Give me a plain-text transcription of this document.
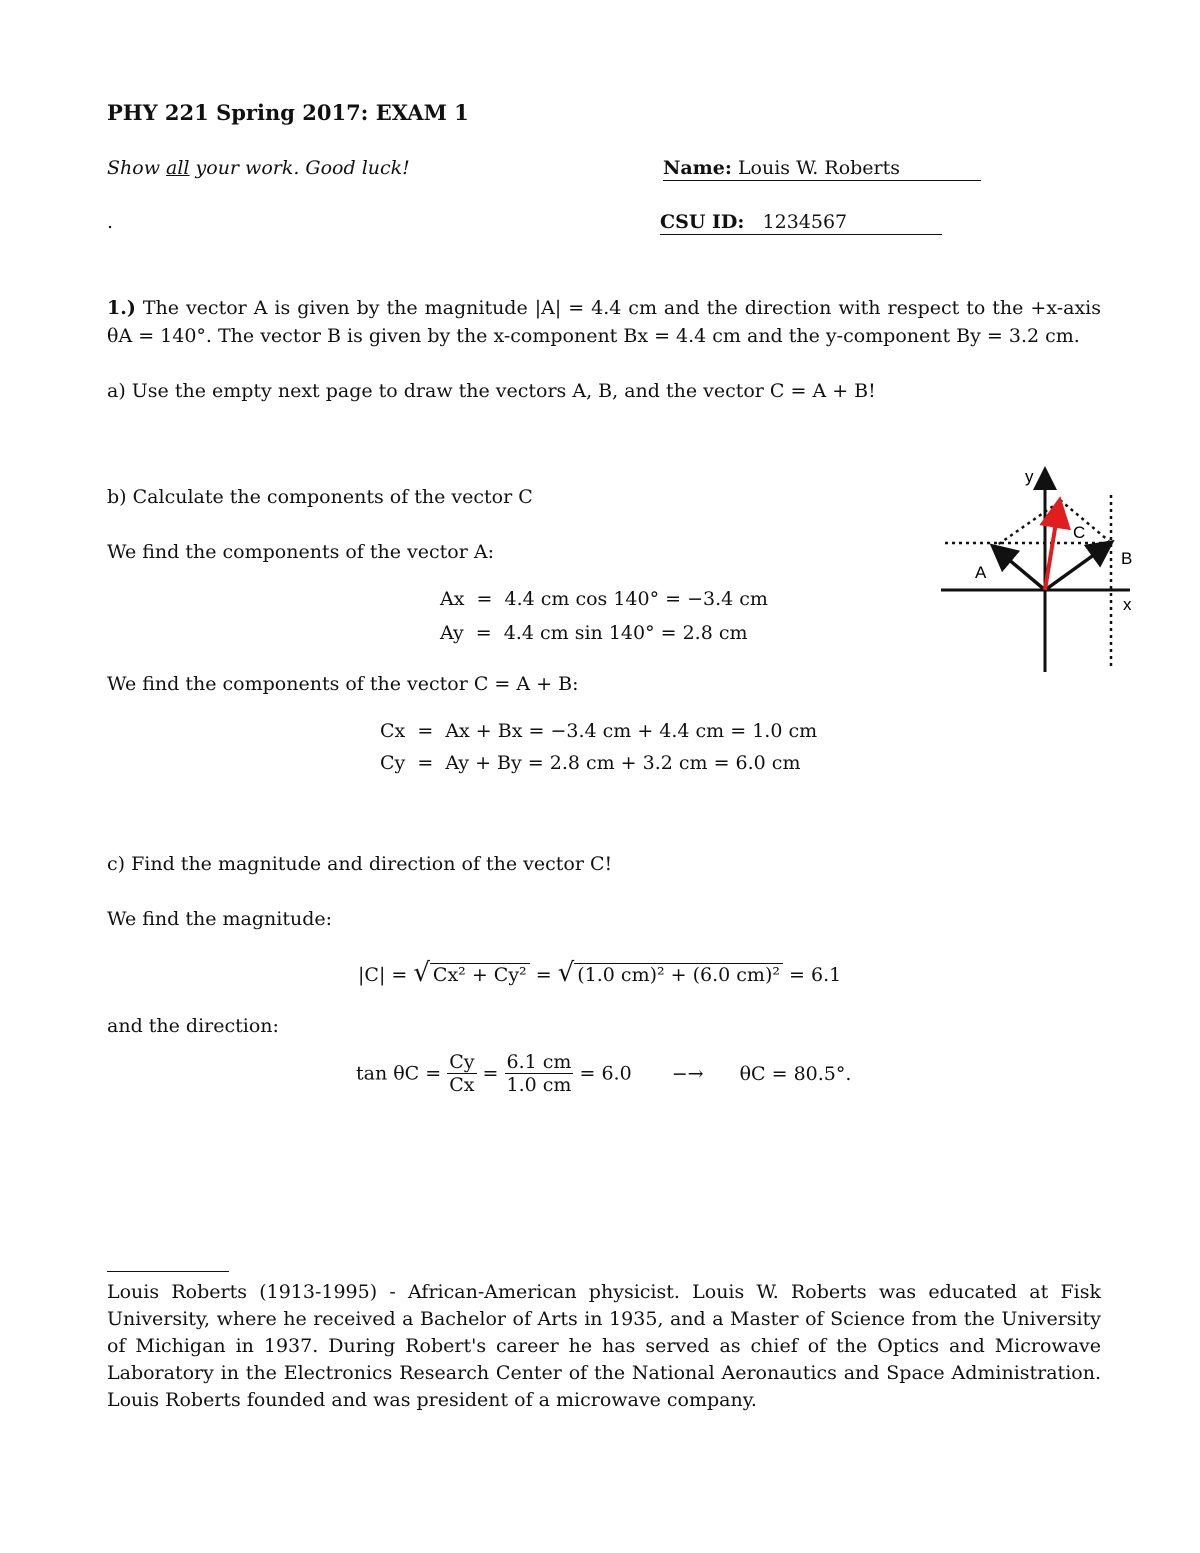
PHY 221 Spring 2017: EXAM 1
Show all your work. Good luck!	Name: Louis W. Roberts
.	CSU ID: 1234567
1.) The vector A is given by the magnitude |A| = 4.4 cm and the direction with respect to the +x-axis θA = 140°. The vector B is given by the x-component Bx = 4.4 cm and the y-component By = 3.2 cm.
a) Use the empty next page to draw the vectors A, B, and the vector C = A + B!
b) Calculate the components of the vector C
We find the components of the vector A:
Ax  =  4.4 cm cos 140° = −3.4 cm
Ay  =  4.4 cm sin 140° = 2.8 cm
We find the components of the vector C = A + B:
Cx  =  Ax + Bx = −3.4 cm + 4.4 cm = 1.0 cm
Cy  =  Ay + By = 2.8 cm + 3.2 cm = 6.0 cm
c) Find the magnitude and direction of the vector C!
We find the magnitude:
|C| = √ Cx² + Cy² = √ (1.0 cm)² + (6.0 cm)² = 6.1
and the direction:
$\tan \theta C = \frac{Cy}{Cx} = \frac{6.1 cm}{1.0 cm} = 6.0 -\to \theta C = 80.5^\circ$.
y
x
A
B
C
Louis Roberts (1913-1995) - African-American physicist. Louis W. Roberts was educated at Fisk University, where he received a Bachelor of Arts in 1935, and a Master of Science from the University of Michigan in 1937. During Robert's career he has served as chief of the Optics and Microwave Laboratory in the Electronics Research Center of the National Aeronautics and Space Administration. Louis Roberts founded and was president of a microwave company.
